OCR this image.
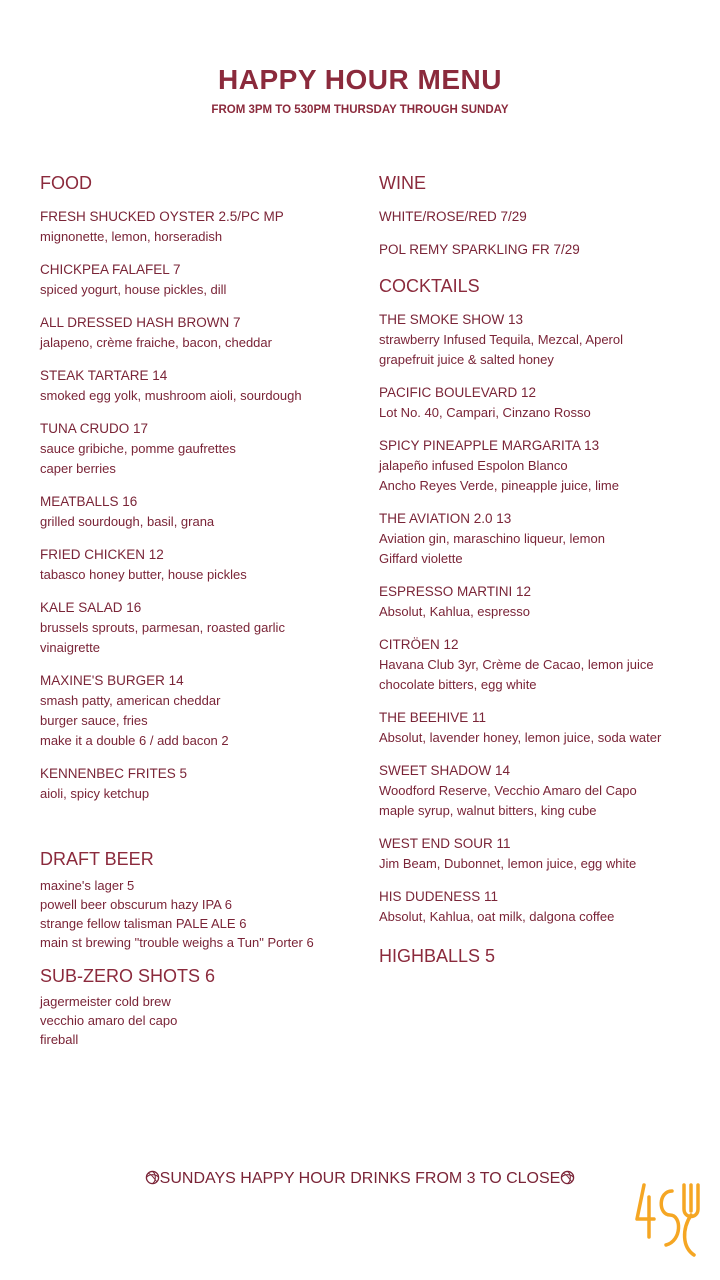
HAPPY HOUR MENU
FROM 3PM TO 530PM THURSDAY THROUGH SUNDAY
FOOD
FRESH SHUCKED OYSTER 2.5/PC MP
mignonette, lemon, horseradish
CHICKPEA FALAFEL 7
spiced yogurt, house pickles, dill
ALL DRESSED HASH BROWN 7
jalapeno, crème fraiche, bacon, cheddar
STEAK TARTARE 14
smoked egg yolk, mushroom aioli, sourdough
TUNA CRUDO 17
sauce gribiche, pomme gaufrettes
caper berries
MEATBALLS 16
grilled sourdough, basil, grana
FRIED CHICKEN 12
tabasco honey butter, house pickles
KALE SALAD 16
brussels sprouts, parmesan, roasted garlic
vinaigrette
MAXINE'S BURGER 14
smash patty, american cheddar
burger sauce, fries
make it a double 6 / add bacon 2
KENNENBEC FRITES 5
aioli, spicy ketchup
DRAFT BEER
maxine's lager 5
powell beer obscurum hazy IPA 6
strange fellow talisman PALE ALE 6
main st brewing "trouble weighs a Tun" Porter 6
SUB-ZERO SHOTS 6
jagermeister cold brew
vecchio amaro del capo
fireball
WINE
WHITE/ROSE/RED 7/29
POL REMY SPARKLING FR 7/29
COCKTAILS
THE SMOKE SHOW 13
strawberry Infused Tequila, Mezcal, Aperol
grapefruit juice & salted honey
PACIFIC BOULEVARD 12
Lot No. 40, Campari, Cinzano Rosso
SPICY PINEAPPLE MARGARITA 13
jalapeño infused Espolon Blanco
Ancho Reyes Verde, pineapple juice, lime
THE AVIATION 2.0 13
Aviation gin, maraschino liqueur, lemon
Giffard violette
ESPRESSO MARTINI 12
Absolut, Kahlua, espresso
CITRÖEN 12
Havana Club 3yr, Crème de Cacao, lemon juice
chocolate bitters, egg white
THE BEEHIVE 11
Absolut, lavender honey, lemon juice, soda water
SWEET SHADOW 14
Woodford Reserve, Vecchio Amaro del Capo
maple syrup, walnut bitters, king cube
WEST END SOUR 11
Jim Beam, Dubonnet, lemon juice, egg white
HIS DUDENESS 11
Absolut, Kahlua, oat milk, dalgona coffee
HIGHBALLS 5
SUNDAYS HAPPY HOUR DRINKS FROM 3 TO CLOSE
